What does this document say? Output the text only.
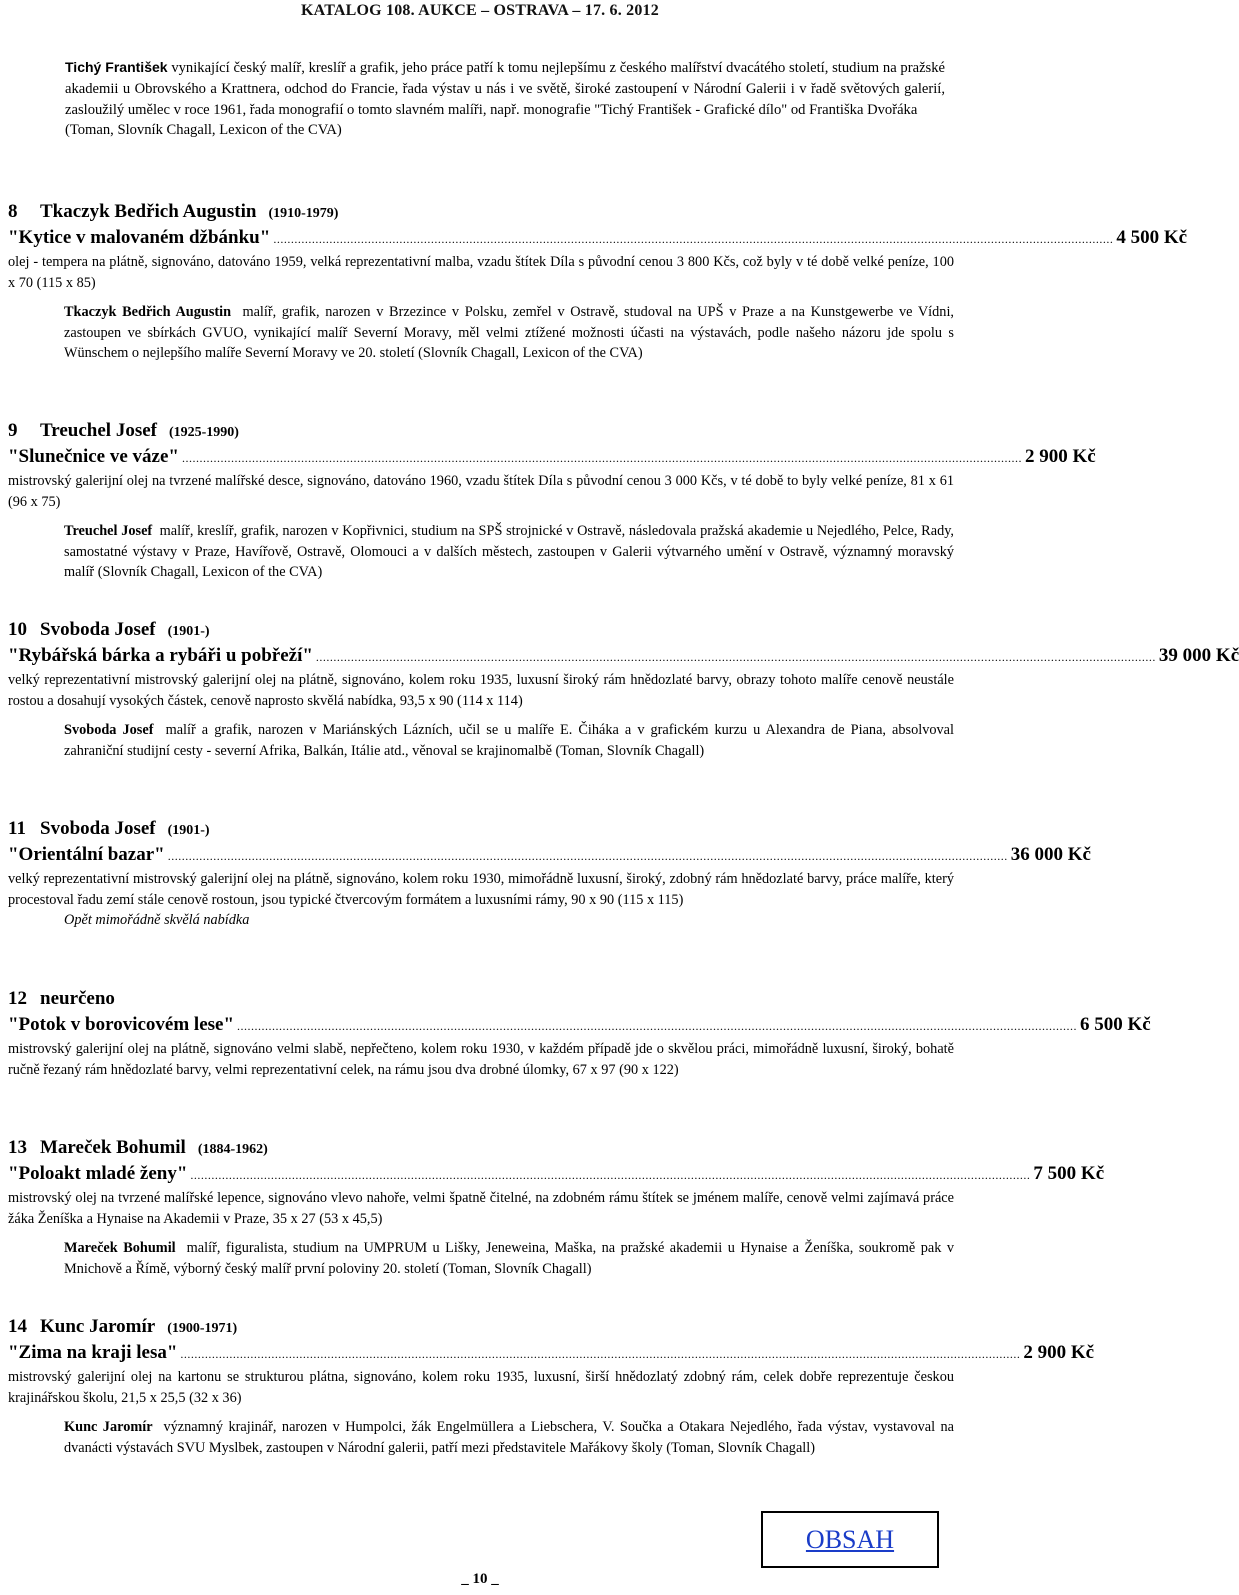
KATALOG 108. AUKCE – OSTRAVA – 17. 6. 2012
Tichý František vynikající český malíř, kreslíř a grafik, jeho práce patří k tomu nejlepšímu z českého malířství dvacátého století, studium na pražské akademii u Obrovského a Krattnera, odchod do Francie, řada výstav u nás i ve světě, široké zastoupení v Národní Galerii i v řadě světových galerií, zasloužilý umělec v roce 1961, řada monografií o tomto slavném malíři, např. monografie "Tichý František - Grafické dílo" od Františka Dvořáka
(Toman, Slovník Chagall, Lexicon of the CVA)
8 Tkaczyk Bedřich Augustin (1910-1979)
"Kytice v malovaném džbánku" ................................................................................................................................................................................................................................................ 4 500 Kč
olej - tempera na plátně, signováno, datováno 1959, velká reprezentativní malba, vzadu štítek Díla s původní cenou 3 800 Kčs, což byly v té době velké peníze, 100 x 70 (115 x 85)
Tkaczyk Bedřich Augustin malíř, grafik, narozen v Brzezince v Polsku, zemřel v Ostravě, studoval na UPŠ v Praze a na Kunstgewerbe ve Vídni, zastoupen ve sbírkách GVUO, vynikající malíř Severní Moravy, měl velmi ztížené možnosti účasti na výstavách, podle našeho názoru jde spolu s Wünschem o nejlepšího malíře Severní Moravy ve 20. století (Slovník Chagall, Lexicon of the CVA)
9 Treuchel Josef (1925-1990)
"Slunečnice ve váze" ................................................................................................................................................................................................................................................ 2 900 Kč
mistrovský galerijní olej na tvrzené malířské desce, signováno, datováno 1960, vzadu štítek Díla s původní cenou 3 000 Kčs, v té době to byly velké peníze, 81 x 61 (96 x 75)
Treuchel Josef malíř, kreslíř, grafik, narozen v Kopřivnici, studium na SPŠ strojnické v Ostravě, následovala pražská akademie u Nejedlého, Pelce, Rady, samostatné výstavy v Praze, Havířově, Ostravě, Olomouci a v dalších městech, zastoupen v Galerii výtvarného umění v Ostravě, významný moravský malíř (Slovník Chagall, Lexicon of the CVA)
10 Svoboda Josef (1901-)
"Rybářská bárka a rybáři u pobřeží" ................................................................................................................................................................................................................................................ 39 000 Kč
velký reprezentativní mistrovský galerijní olej na plátně, signováno, kolem roku 1935, luxusní široký rám hnědozlaté barvy, obrazy tohoto malíře cenově neustále rostou a dosahují vysokých částek, cenově naprosto skvělá nabídka, 93,5 x 90 (114 x 114)
Svoboda Josef malíř a grafik, narozen v Mariánských Lázních, učil se u malíře E. Čiháka a v grafickém kurzu u Alexandra de Piana, absolvoval zahraniční studijní cesty - severní Afrika, Balkán, Itálie atd., věnoval se krajinomalbě (Toman, Slovník Chagall)
11 Svoboda Josef (1901-)
"Orientální bazar" ................................................................................................................................................................................................................................................ 36 000 Kč
velký reprezentativní mistrovský galerijní olej na plátně, signováno, kolem roku 1930, mimořádně luxusní, široký, zdobný rám hnědozlaté barvy, práce malíře, který procestoval řadu zemí stále cenově rostoun, jsou typické čtvercovým formátem a luxusními rámy, 90 x 90 (115 x 115)
Opět mimořádně skvělá nabídka
12 neurčeno
"Potok v borovicovém lese" ................................................................................................................................................................................................................................................ 6 500 Kč
mistrovský galerijní olej na plátně, signováno velmi slabě, nepřečteno, kolem roku 1930, v každém případě jde o skvělou práci, mimořádně luxusní, široký, bohatě ručně řezaný rám hnědozlaté barvy, velmi reprezentativní celek, na rámu jsou dva drobné úlomky, 67 x 97 (90 x 122)
13 Mareček Bohumil (1884-1962)
"Poloakt mladé ženy" ................................................................................................................................................................................................................................................ 7 500 Kč
mistrovský olej na tvrzené malířské lepence, signováno vlevo nahoře, velmi špatně čitelné, na zdobném rámu štítek se jménem malíře, cenově velmi zajímavá práce žáka Ženíška a Hynaise na Akademii v Praze, 35 x 27 (53 x 45,5)
Mareček Bohumil malíř, figuralista, studium na UMPRUM u Lišky, Jeneweina, Maška, na pražské akademii u Hynaise a Ženíška, soukromě pak v Mnichově a Římě, výborný český malíř první poloviny 20. století (Toman, Slovník Chagall)
14 Kunc Jaromír (1900-1971)
"Zima na kraji lesa" ................................................................................................................................................................................................................................................ 2 900 Kč
mistrovský galerijní olej na kartonu se strukturou plátna, signováno, kolem roku 1935, luxusní, širší hnědozlatý zdobný rám, celek dobře reprezentuje českou krajinářskou školu, 21,5 x 25,5 (32 x 36)
Kunc Jaromír významný krajinář, narozen v Humpolci, žák Engelmüllera a Liebschera, V. Součka a Otakara Nejedlého, řada výstav, vystavoval na dvanácti výstavách SVU Myslbek, zastoupen v Národní galerii, patří mezi představitele Mařákovy školy (Toman, Slovník Chagall)
OBSAH
_ 10 _
